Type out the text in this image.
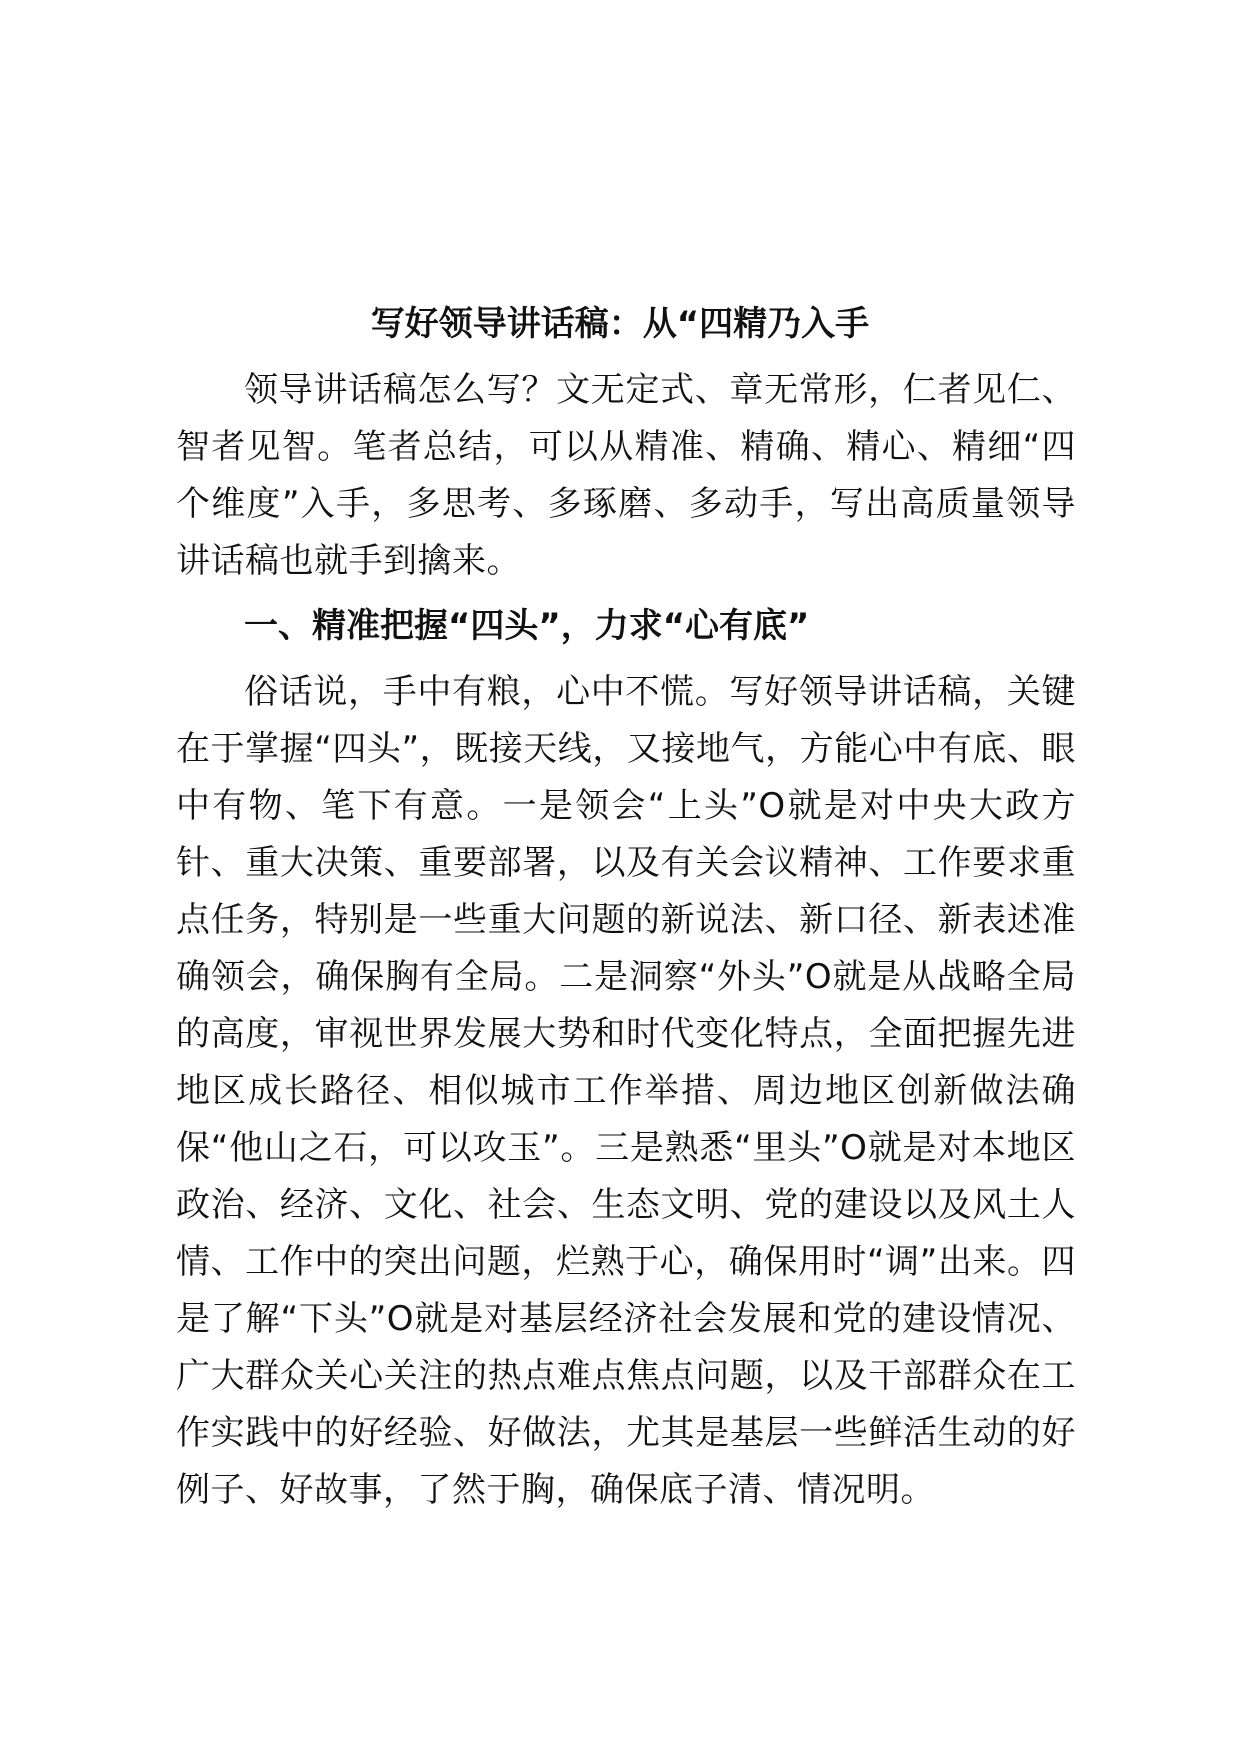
写好领导讲话稿：从“四精乃入手

领导讲话稿怎么写？文无定式、章无常形，仁者见仁、智者见智。笔者总结，可以从精准、精确、精心、精细“四个维度”入手，多思考、多琢磨、多动手，写出高质量领导讲话稿也就手到擒来。

一、精准把握“四头”，力求“心有底”

俗话说，手中有粮，心中不慌。写好领导讲话稿，关键在于掌握“四头”，既接天线，又接地气，方能心中有底、眼中有物、笔下有意。一是领会“上头”O就是对中央大政方针、重大决策、重要部署，以及有关会议精神、工作要求重点任务，特别是一些重大问题的新说法、新口径、新表述准确领会，确保胸有全局。二是洞察“外头”O就是从战略全局的高度，审视世界发展大势和时代变化特点，全面把握先进地区成长路径、相似城市工作举措、周边地区创新做法确保“他山之石，可以攻玉”。三是熟悉“里头”O就是对本地区政治、经济、文化、社会、生态文明、党的建设以及风土人情、工作中的突出问题，烂熟于心，确保用时“调”出来。四是了解“下头”O就是对基层经济社会发展和党的建设情况、广大群众关心关注的热点难点焦点问题，以及干部群众在工作实践中的好经验、好做法，尤其是基层一些鲜活生动的好例子、好故事，了然于胸，确保底子清、情况明。
